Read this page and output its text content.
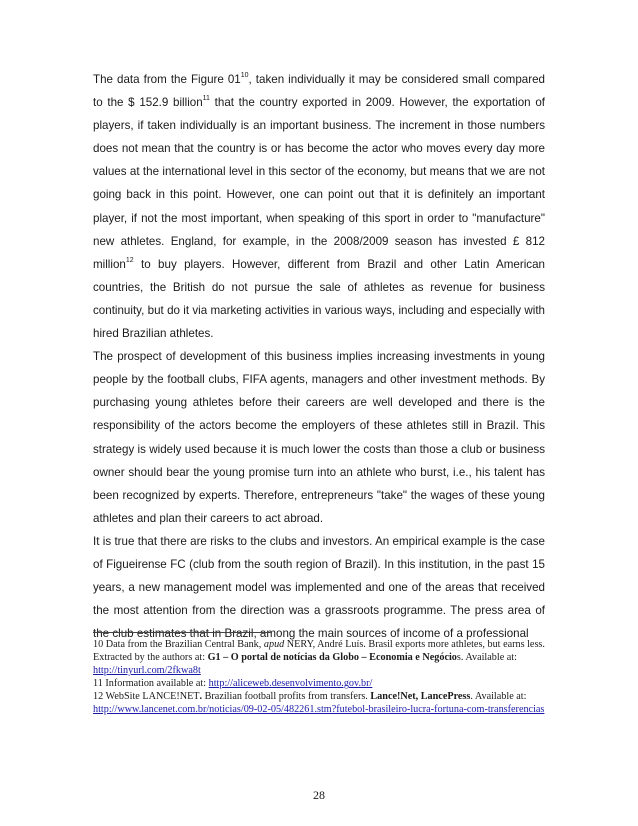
The data from the Figure $01^{10}$, taken individually it may be considered small compared to the $ 152.9 billion$^{11}$ that the country exported in 2009. However, the exportation of players, if taken individually is an important business. The increment in those numbers does not mean that the country is or has become the actor who moves every day more values at the international level in this sector of the economy, but means that we are not going back in this point. However, one can point out that it is definitely an important player, if not the most important, when speaking of this sport in order to "manufacture" new athletes. England, for example, in the 2008/2009 season has invested £ 812 million$^{12}$ to buy players. However, different from Brazil and other Latin American countries, the British do not pursue the sale of athletes as revenue for business continuity, but do it via marketing activities in various ways, including and especially with hired Brazilian athletes.

The prospect of development of this business implies increasing investments in young people by the football clubs, FIFA agents, managers and other investment methods. By purchasing young athletes before their careers are well developed and there is the responsibility of the actors become the employers of these athletes still in Brazil. This strategy is widely used because it is much lower the costs than those a club or business owner should bear the young promise turn into an athlete who burst, i.e., his talent has been recognized by experts. Therefore, entrepreneurs "take" the wages of these young athletes and plan their careers to act abroad.

It is true that there are risks to the clubs and investors. An empirical example is the case of Figueirense FC (club from the south region of Brazil). In this institution, in the past 15 years, a new management model was implemented and one of the areas that received the most attention from the direction was a grassroots programme. The press area of the club estimates that in Brazil, among the main sources of income of a professional

10 Data from the Brazilian Central Bank, apud NERY, André Luís. Brasil exports more athletes, but earns less. Extracted by the authors at: G1 – O portal de notícias da Globo – Economia e Negócios. Available at: http://tinyurl.com/2fkwa8t

11 Information available at: http://aliceweb.desenvolvimento.gov.br/

12 WebSite LANCE!NET. Brazilian football profits from transfers. Lance!Net, LancePress. Available at: http://www.lancenet.com.br/noticias/09-02-05/482261.stm?futebol-brasileiro-lucra-fortuna-com-transferencias

28
